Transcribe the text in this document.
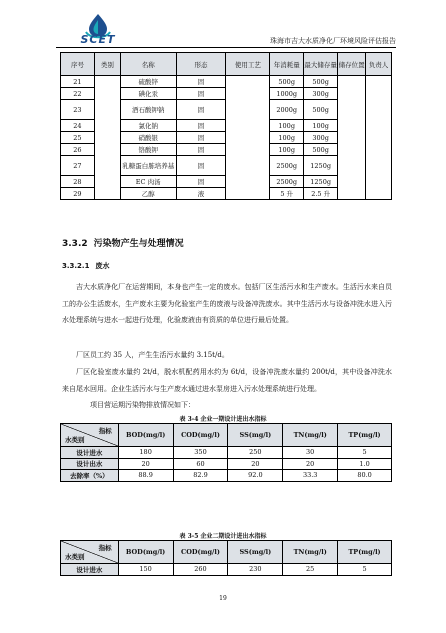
SCET	珠海市吉大水质净化厂环境风险评估报告
序号	类别	名称	形态	使用工艺	年消耗量	最大储存量	储存位置	负责人
21		硫酸锌	固		500g	500g		
22		碘化汞	固		1000g	300g		
23		酒石酸钾钠	固		2000g	500g		
24		氯化钠	固		100g	100g		
25		硝酸银	固		100g	300g		
26		铬酸钾	固		100g	500g		
27		乳糖蛋白胨培养基	固		2500g	1250g		
28		EC 肉汤	固		2500g	1250g		
29		乙醇	液		5 升	2.5 升		
3.3.2 污染物产生与处理情况
3.3.2.1 废水

吉大水质净化厂在运营期间，本身也产生一定的废水。包括厂区生活污水和生产废水。生活污水来自员工的办公生活废水，生产废水主要为化验室产生的废液与设备冲洗废水。其中生活污水与设备冲洗水进入污水处理系统与进水一起进行处理，化验废液由有资质的单位进行最后处置。

厂区员工约 35 人，产生生活污水量约 3.15t/d。

厂区化验室废水量约 2t/d，脱水机配药用水约为 6t/d，设备冲洗废水量约 200t/d，其中设备冲洗水来自尾水回用。企业生活污水与生产废水通过进水泵房进入污水处理系统进行处理。

项目营运期污染物排放情况如下：

表 3-4 企业一期设计进出水指标
指标
水类别	BOD(mg/l)	COD(mg/l)	SS(mg/l)	TN(mg/l)	TP(mg/l)
设计进水	180	350	250	30	5
设计出水	20	60	20	20	1.0
去除率（%）	88.9	82.9	92.0	33.3	80.0
表 3-5 企业二期设计进出水指标
指标
水类别	BOD(mg/l)	COD(mg/l)	SS(mg/l)	TN(mg/l)	TP(mg/l)
设计进水	150	260	230	25	5
19
